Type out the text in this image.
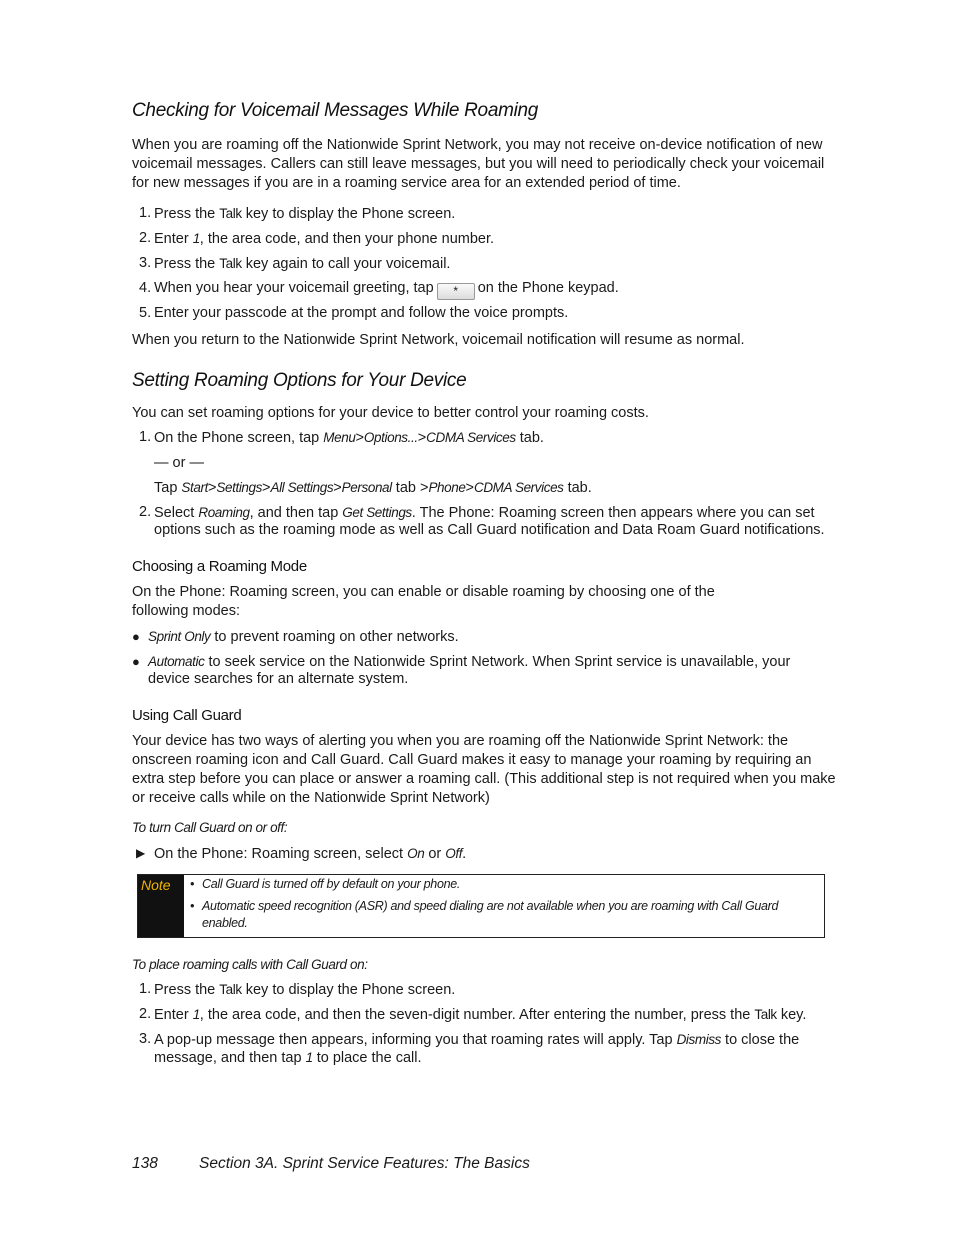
Checking for Voicemail Messages While Roaming

When you are roaming off the Nationwide Sprint Network, you may not receive on-device notification of new voicemail messages. Callers can still leave messages, but you will need to periodically check your voicemail for new messages if you are in a roaming service area for an extended period of time.

1. Press the Talk key to display the Phone screen.
2. Enter 1, the area code, and then your phone number.
3. Press the Talk key again to call your voicemail.
4. When you hear your voicemail greeting, tap * on the Phone keypad.
5. Enter your passcode at the prompt and follow the voice prompts.

When you return to the Nationwide Sprint Network, voicemail notification will resume as normal.

Setting Roaming Options for Your Device

You can set roaming options for your device to better control your roaming costs.

1. On the Phone screen, tap Menu>Options...>CDMA Services tab.
— or —
Tap Start>Settings>All Settings>Personal tab >Phone>CDMA Services tab.
2. Select Roaming, and then tap Get Settings. The Phone: Roaming screen then appears where you can set options such as the roaming mode as well as Call Guard notification and Data Roam Guard notifications.
Choosing a Roaming Mode

On the Phone: Roaming screen, you can enable or disable roaming by choosing one of the following modes:

● Sprint Only to prevent roaming on other networks.
● Automatic to seek service on the Nationwide Sprint Network. When Sprint service is unavailable, your device searches for an alternate system.
Using Call Guard

Your device has two ways of alerting you when you are roaming off the Nationwide Sprint Network: the onscreen roaming icon and Call Guard. Call Guard makes it easy to manage your roaming by requiring an extra step before you can place or answer a roaming call. (This additional step is not required when you make or receive calls while on the Nationwide Sprint Network)

To turn Call Guard on or off:
▶ On the Phone: Roaming screen, select On or Off.
Note	• Call Guard is turned off by default on your phone.
• Automatic speed recognition (ASR) and speed dialing are not available when you are roaming with Call Guard enabled.
To place roaming calls with Call Guard on:
1. Press the Talk key to display the Phone screen.
2. Enter 1, the area code, and then the seven-digit number. After entering the number, press the Talk key.
3. A pop-up message then appears, informing you that roaming rates will apply. Tap Dismiss to close the message, and then tap 1 to place the call.
138	Section 3A. Sprint Service Features: The Basics
